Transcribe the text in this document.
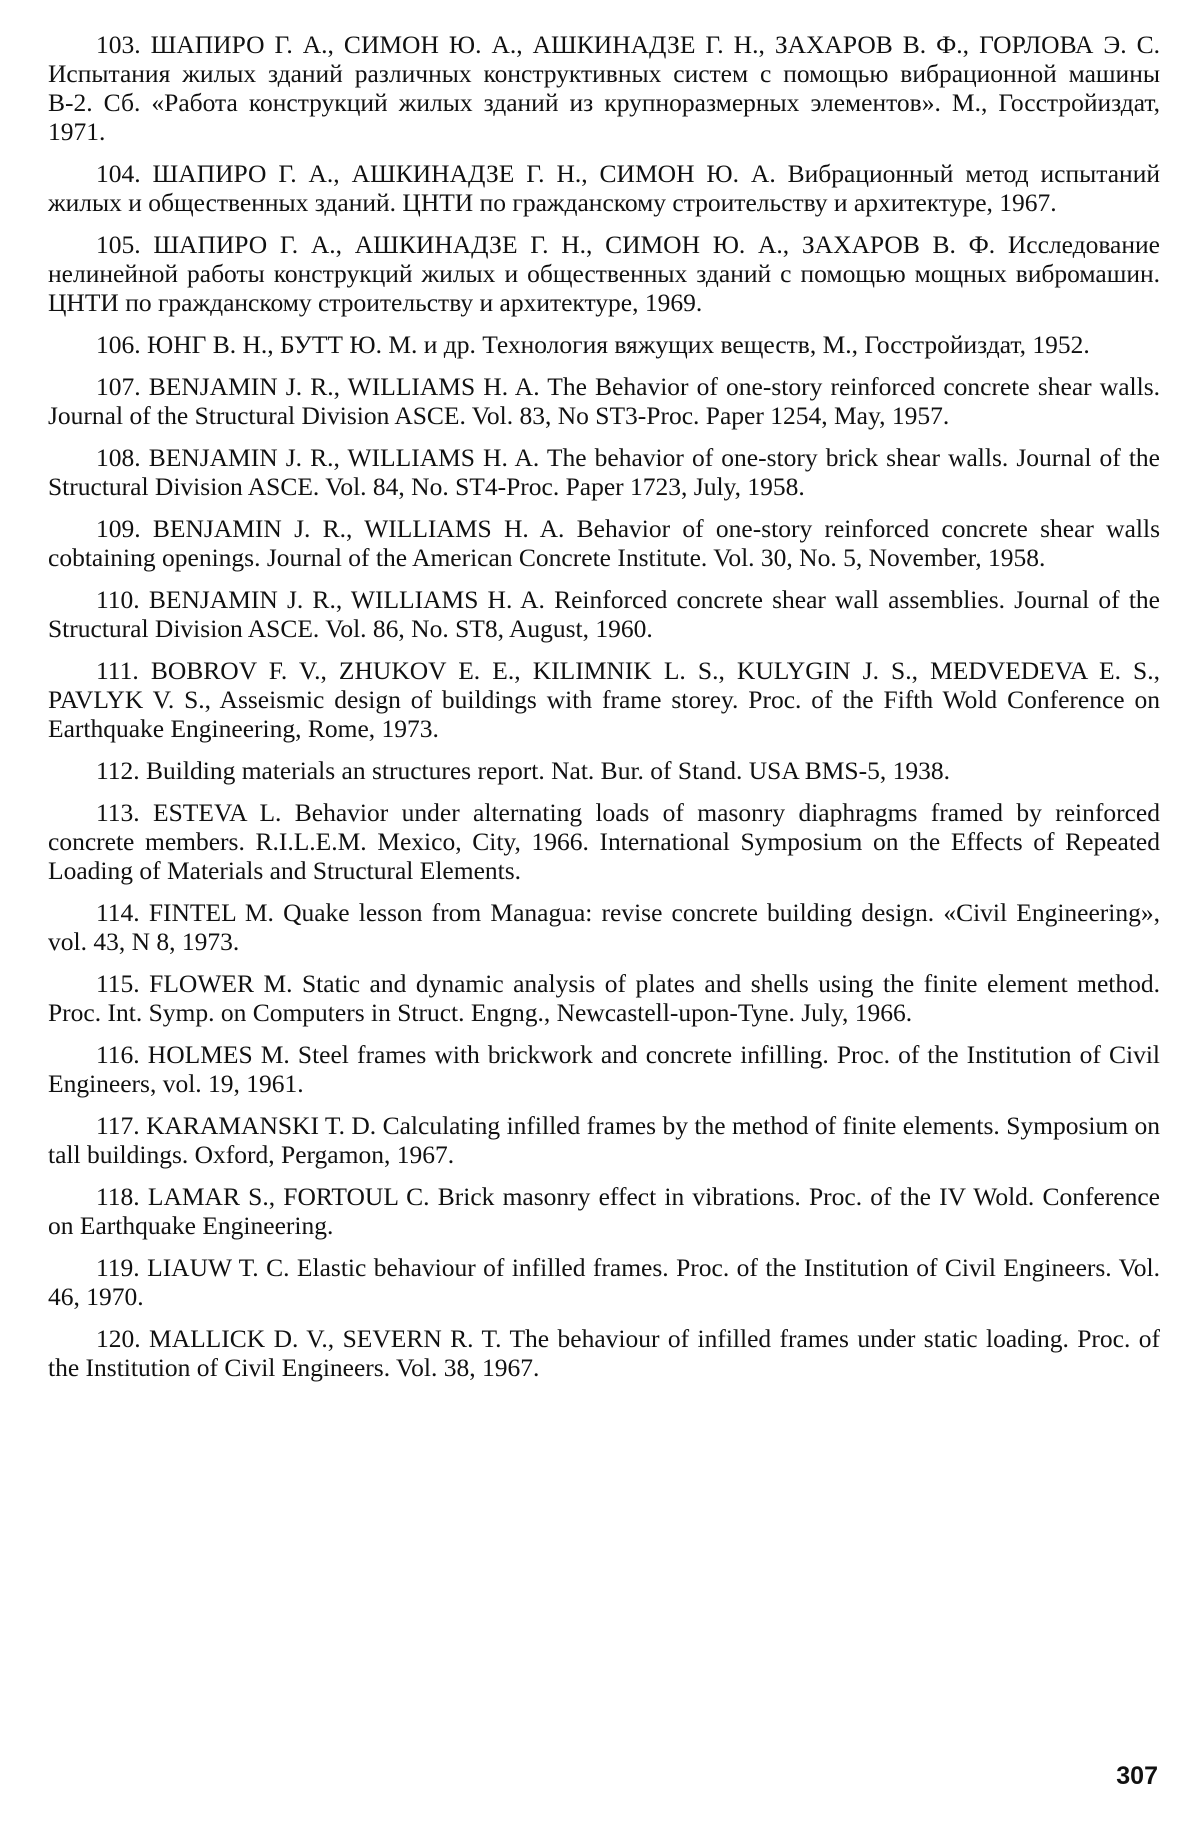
103. ШАПИРО Г. А., СИМОН Ю. А., АШКИНАДЗЕ Г. Н., ЗАХАРОВ В. Ф., ГОРЛОВА Э. С. Испытания жилых зданий различных конструктивных систем с помощью вибрационной машины В-2. Сб. «Работа конструкций жилых зданий из крупноразмерных элементов». М., Госстройиздат, 1971.

104. ШАПИРО Г. А., АШКИНАДЗЕ Г. Н., СИМОН Ю. А. Вибрационный метод испытаний жилых и общественных зданий. ЦНТИ по гражданскому строительству и архитектуре, 1967.

105. ШАПИРО Г. А., АШКИНАДЗЕ Г. Н., СИМОН Ю. А., ЗАХАРОВ В. Ф. Исследование нелинейной работы конструкций жилых и общественных зданий с помощью мощных вибромашин. ЦНТИ по гражданскому строительству и архитектуре, 1969.

106. ЮНГ В. Н., БУТТ Ю. М. и др. Технология вяжущих веществ, М., Госстройиздат, 1952.

107. BENJAMIN J. R., WILLIAMS H. A. The Behavior of one-story reinforced concrete shear walls. Journal of the Structural Division ASCE. Vol. 83, No ST3-Proc. Paper 1254, May, 1957.

108. BENJAMIN J. R., WILLIAMS H. A. The behavior of one-story brick shear walls. Journal of the Structural Division ASCE. Vol. 84, No. ST4-Proc. Paper 1723, July, 1958.

109. BENJAMIN J. R., WILLIAMS H. A. Behavior of one-story reinforced concrete shear walls cobtaining openings. Journal of the American Concrete Institute. Vol. 30, No. 5, November, 1958.

110. BENJAMIN J. R., WILLIAMS H. A. Reinforced concrete shear wall assemblies. Journal of the Structural Division ASCE. Vol. 86, No. ST8, August, 1960.

111. BOBROV F. V., ZHUKOV E. E., KILIMNIK L. S., KULYGIN J. S., MEDVEDEVA E. S., PAVLYK V. S., Asseismic design of buildings with frame storey. Proc. of the Fifth Wold Conference on Earthquake Engineering, Rome, 1973.

112. Building materials an structures report. Nat. Bur. of Stand. USA BMS-5, 1938.

113. ESTEVA L. Behavior under alternating loads of masonry diaphragms framed by reinforced concrete members. R.I.L.E.M. Mexico, City, 1966. International Symposium on the Effects of Repeated Loading of Materials and Structural Elements.

114. FINTEL M. Quake lesson from Managua: revise concrete building design. «Civil Engineering», vol. 43, N 8, 1973.

115. FLOWER M. Static and dynamic analysis of plates and shells using the finite element method. Proc. Int. Symp. on Computers in Struct. Engng., Newcastell-upon-Tyne. July, 1966.

116. HOLMES M. Steel frames with brickwork and concrete infilling. Proc. of the Institution of Civil Engineers, vol. 19, 1961.

117. KARAMANSKI T. D. Calculating infilled frames by the method of finite elements. Symposium on tall buildings. Oxford, Pergamon, 1967.

118. LAMAR S., FORTOUL C. Brick masonry effect in vibrations. Proc. of the IV Wold. Conference on Earthquake Engineering.

119. LIAUW T. C. Elastic behaviour of infilled frames. Proc. of the Institution of Civil Engineers. Vol. 46, 1970.

120. MALLICK D. V., SEVERN R. T. The behaviour of infilled frames under static loading. Proc. of the Institution of Civil Engineers. Vol. 38, 1967.

307
